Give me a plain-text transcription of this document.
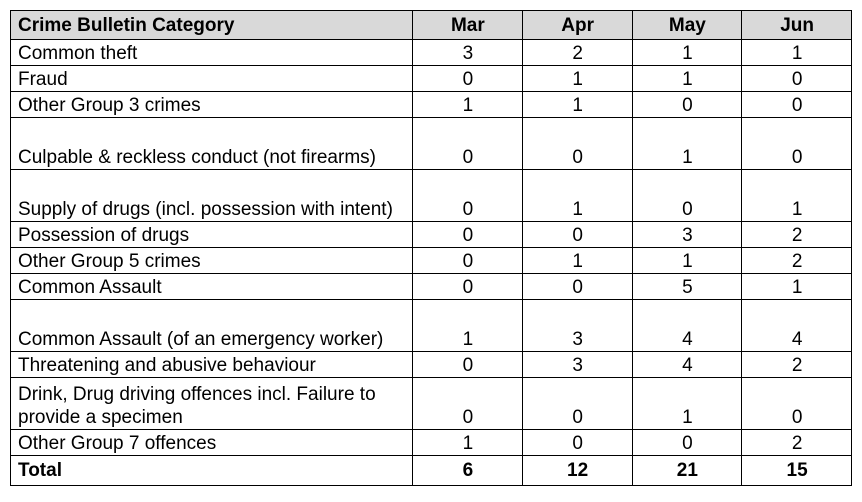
Crime Bulletin Category	Mar	Apr	May	Jun
Common theft	3	2	1	1
Fraud	0	1	1	0
Other Group 3 crimes	1	1	0	0
Culpable & reckless conduct (not firearms)	0	0	1	0
Supply of drugs (incl. possession with intent)	0	1	0	1
Possession of drugs	0	0	3	2
Other Group 5 crimes	0	1	1	2
Common Assault	0	0	5	1
Common Assault (of an emergency worker)	1	3	4	4
Threatening and abusive behaviour	0	3	4	2
Drink, Drug driving offences incl. Failure to provide a specimen	0	0	1	0
Other Group 7 offences	1	0	0	2
Total	6	12	21	15
